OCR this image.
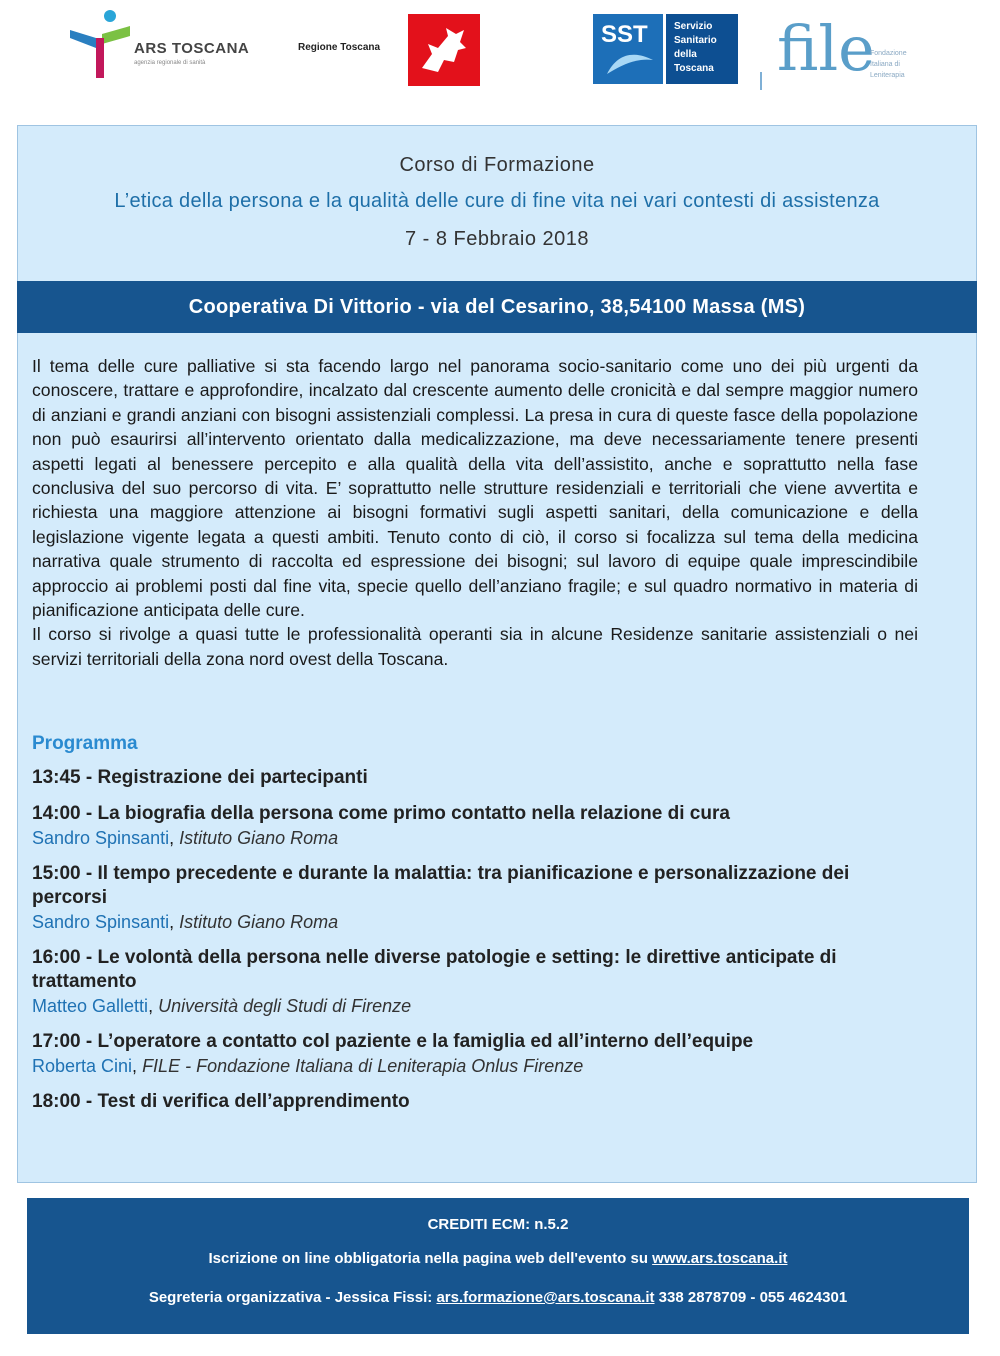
ARS TOSCANA
agenzia regionale di sanità
Regione Toscana	SST	Servizio
Sanitario
della
Toscana file
Fondazione
Italiana di
Leniterapia
Corso di Formazione
L’etica della persona e la qualità delle cure di fine vita nei vari contesti di assistenza
7 - 8 Febbraio 2018
Cooperativa Di Vittorio - via del Cesarino, 38,54100 Massa (MS)

Il tema delle cure palliative si sta facendo largo nel panorama socio-sanitario come uno dei più urgenti da conoscere, trattare e approfondire, incalzato dal crescente aumento delle cronicità e dal sempre maggior numero di anziani e grandi anziani con bisogni assistenziali complessi. La presa in cura di queste fasce della popolazione non può esaurirsi all’intervento orientato dalla medicalizzazione, ma deve necessariamente tenere presenti aspetti legati al benessere percepito e alla qualità della vita dell’assistito, anche e soprattutto nella fase conclusiva del suo percorso di vita. E’ soprattutto nelle strutture residenziali e territoriali che viene avvertita e richiesta una maggiore attenzione ai bisogni formativi sugli aspetti sanitari, della comunicazione e della legislazione vigente legata a questi ambiti. Tenuto conto di ciò, il corso si focalizza sul tema della medicina narrativa quale strumento di raccolta ed espressione dei bisogni; sul lavoro di equipe quale imprescindibile approccio ai problemi posti dal fine vita, specie quello dell’anziano fragile; e sul quadro normativo in materia di pianificazione anticipata delle cure.

Il corso si rivolge a quasi tutte le professionalità operanti sia in alcune Residenze sanitarie assistenziali o nei servizi territoriali della zona nord ovest della Toscana.

Programma
13:45 - Registrazione dei partecipanti
14:00 - La biografia della persona come primo contatto nella relazione di cura
Sandro Spinsanti, Istituto Giano Roma
15:00 - Il tempo precedente e durante la malattia: tra pianificazione e personalizzazione dei percorsi
Sandro Spinsanti, Istituto Giano Roma
16:00 - Le volontà della persona nelle diverse patologie e setting: le direttive anticipate di trattamento
Matteo Galletti, Università degli Studi di Firenze
17:00 - L’operatore a contatto col paziente e la famiglia ed all’interno dell’equipe
Roberta Cini, FILE - Fondazione Italiana di Leniterapia Onlus Firenze
18:00 - Test di verifica dell’apprendimento
CREDITI ECM: n.5.2
Iscrizione on line obbligatoria nella pagina web dell'evento su www.ars.toscana.it
Segreteria organizzativa - Jessica Fissi: ars.formazione@ars.toscana.it 338 2878709 - 055 4624301
